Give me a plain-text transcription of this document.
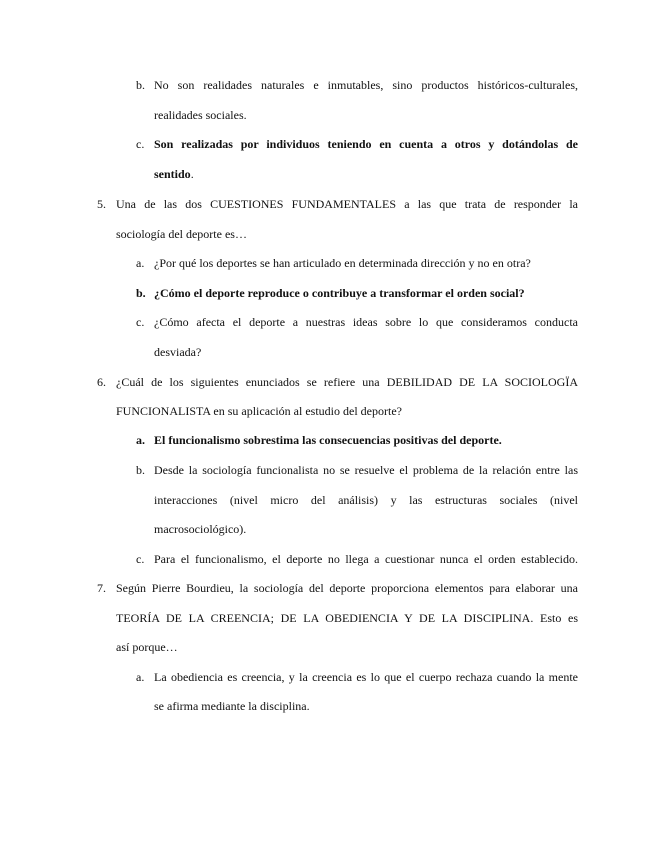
b. No son realidades naturales e inmutables, sino productos históricos-culturales,
realidades sociales.
c. Son realizadas por individuos teniendo en cuenta a otros y dotándolas de
sentido.
5. Una de las dos CUESTIONES FUNDAMENTALES a las que trata de responder la
sociología del deporte es…
a. ¿Por qué los deportes se han articulado en determinada dirección y no en otra?
b. ¿Cómo el deporte reproduce o contribuye a transformar el orden social?
c. ¿Cómo afecta el deporte a nuestras ideas sobre lo que consideramos conducta
desviada?
6. ¿Cuál de los siguientes enunciados se refiere una DEBILIDAD DE LA SOCIOLOGÏA
FUNCIONALISTA en su aplicación al estudio del deporte?
a. El funcionalismo sobrestima las consecuencias positivas del deporte.
b. Desde la sociología funcionalista no se resuelve el problema de la relación entre las
interacciones (nivel micro del análisis) y las estructuras sociales (nivel
macrosociológico).
c. Para el funcionalismo, el deporte no llega a cuestionar nunca el orden establecido.
7. Según Pierre Bourdieu, la sociología del deporte proporciona elementos para elaborar una
TEORÍA DE LA CREENCIA; DE LA OBEDIENCIA Y DE LA DISCIPLINA. Esto es
así porque…
a. La obediencia es creencia, y la creencia es lo que el cuerpo rechaza cuando la mente
se afirma mediante la disciplina.
